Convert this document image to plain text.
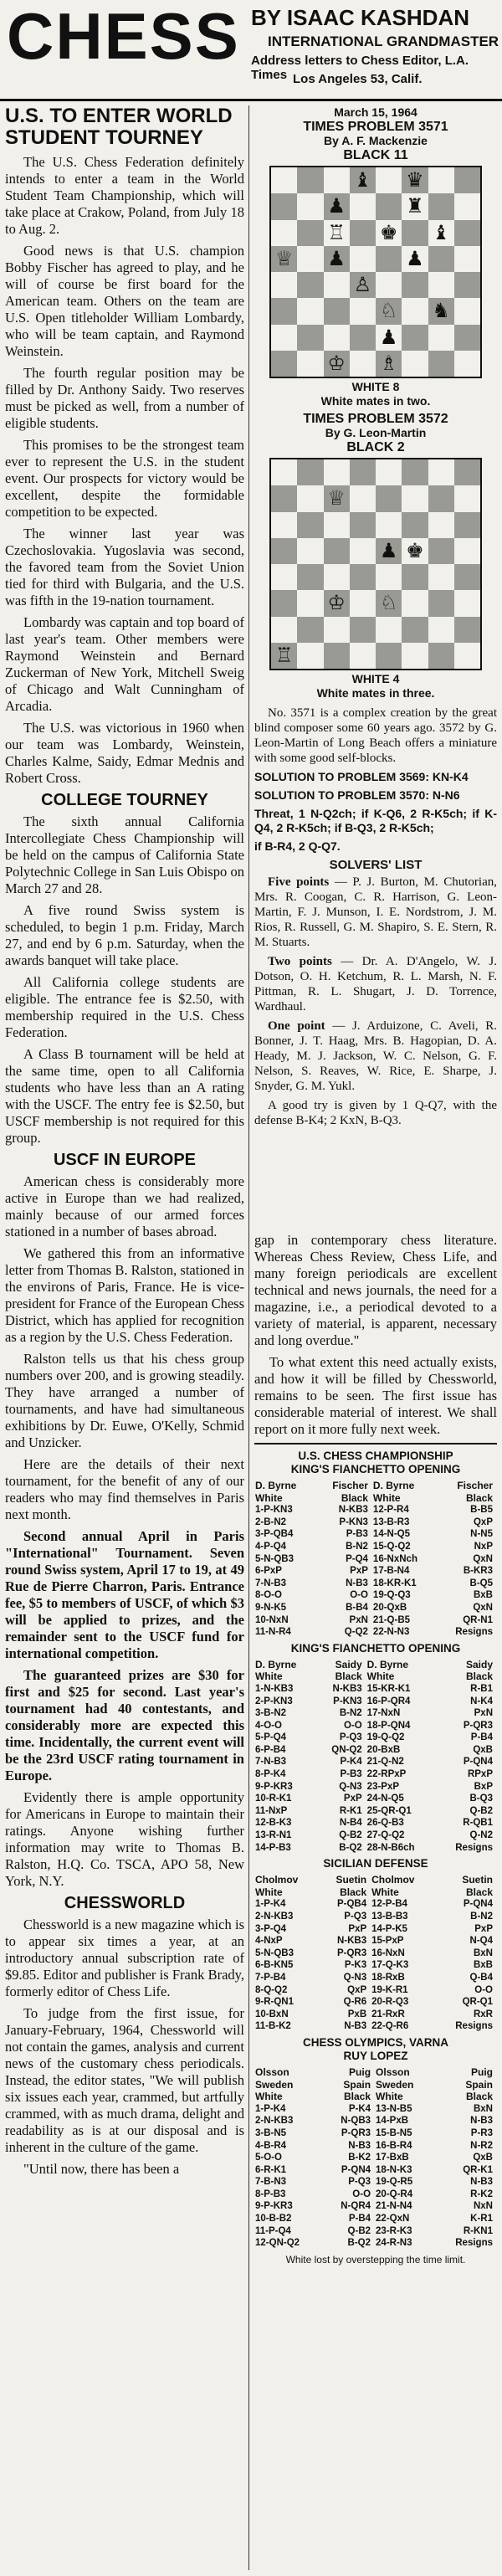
CHESS BY ISAAC KASHDAN
INTERNATIONAL GRANDMASTER
Address letters to Chess Editor, L.A. Times Los Angeles 53, Calif.
U.S. TO ENTER WORLD STUDENT TOURNEY

The U.S. Chess Federation definitely intends to enter a team in the World Student Team Championship, which will take place at Crakow, Poland, from July 18 to Aug. 2.

Good news is that U.S. champion Bobby Fischer has agreed to play, and he will of course be first board for the American team. Others on the team are U.S. Open titleholder William Lombardy, who will be team captain, and Raymond Weinstein.

The fourth regular position may be filled by Dr. Anthony Saidy. Two reserves must be picked as well, from a number of eligible students.

This promises to be the strongest team ever to represent the U.S. in the student event. Our prospects for victory would be excellent, despite the formidable competition to be expected.

The winner last year was Czechoslovakia. Yugoslavia was second, the favored team from the Soviet Union tied for third with Bulgaria, and the U.S. was fifth in the 19-nation tournament.

Lombardy was captain and top board of last year's team. Other members were Raymond Weinstein and Bernard Zuckerman of New York, Mitchell Sweig of Chicago and Walt Cunningham of Arcadia.

The U.S. was victorious in 1960 when our team was Lombardy, Weinstein, Charles Kalme, Saidy, Edmar Mednis and Robert Cross.

COLLEGE TOURNEY

The sixth annual California Intercollegiate Chess Championship will be held on the campus of California State Polytechnic College in San Luis Obispo on March 27 and 28.

A five round Swiss system is scheduled, to begin 1 p.m. Friday, March 27, and end by 6 p.m. Saturday, when the awards banquet will take place.

All California college students are eligible. The entrance fee is $2.50, with membership required in the U.S. Chess Federation.

A Class B tournament will be held at the same time, open to all California students who have less than an A rating with the USCF. The entry fee is $2.50, but USCF membership is not required for this group.

USCF IN EUROPE

American chess is considerably more active in Europe than we had realized, mainly because of our armed forces stationed in a number of bases abroad.

We gathered this from an informative letter from Thomas B. Ralston, stationed in the environs of Paris, France. He is vice-president for France of the European Chess District, which has applied for recognition as a region by the U.S. Chess Federation.

Ralston tells us that his chess group numbers over 200, and is growing steadily. They have arranged a number of tournaments, and have had simultaneous exhibitions by Dr. Euwe, O'Kelly, Schmid and Unzicker.

Here are the details of their next tournament, for the benefit of any of our readers who may find themselves in Paris next month.

Second annual April in Paris "International" Tournament. Seven round Swiss system, April 17 to 19, at 49 Rue de Pierre Charron, Paris. Entrance fee, $5 to members of USCF, of which $3 will be applied to prizes, and the remainder sent to the USCF fund for international competition.

The guaranteed prizes are $30 for first and $25 for second. Last year's tournament had 40 contestants, and considerably more are expected this time. Incidentally, the current event will be the 23rd USCF rating tournament in Europe.

Evidently there is ample opportunity for Americans in Europe to maintain their ratings. Anyone wishing further information may write to Thomas B. Ralston, H.Q. Co. TSCA, APO 58, New York, N.Y.

CHESSWORLD

Chessworld is a new magazine which is to appear six times a year, at an introductory annual subscription rate of $9.85. Editor and publisher is Frank Brady, formerly editor of Chess Life.

To judge from the first issue, for January-February, 1964, Chessworld will not contain the games, analysis and current news of the customary chess periodicals. Instead, the editor states, "We will publish six issues each year, crammed, but artfully crammed, with as much drama, delight and readability as is at our disposal and is inherent in the culture of the game.

"Until now, there has been a

March 15, 1964
TIMES PROBLEM 3571
By A. F. Mackenzie
BLACK 11
♝ ♛
♟	♜
♖ ♚ ♝
♕ ♟	♟
♙
♘ ♞
♟
♔ ♗
WHITE 8
White mates in two.
TIMES PROBLEM 3572
By G. Leon-Martin
BLACK 2
♕
♟ ♚
♔ ♘
♖
WHITE 4
White mates in three.

No. 3571 is a complex creation by the great blind composer some 60 years ago. 3572 by G. Leon-Martin of Long Beach offers a miniature with some good self-blocks.

SOLUTION TO PROBLEM 3569: KN-K4

SOLUTION TO PROBLEM 3570: N-N6

Threat, 1 N-Q2ch; if K-Q6, 2 R-K5ch; if K-Q4, 2 R-K5ch; if B-Q3, 2 R-K5ch;

if B-R4, 2 Q-Q7.

SOLVERS' LIST

Five points — P. J. Burton, M. Chutorian, Mrs. R. Coogan, C. R. Harrison, G. Leon-Martin, F. J. Munson, I. E. Nordstrom, J. M. Rios, R. Russell, G. M. Shapiro, S. E. Stern, R. M. Stuarts.

Two points — Dr. A. D'Angelo, W. J. Dotson, O. H. Ketchum, R. L. Marsh, N. F. Pittman, R. L. Shugart, J. D. Torrence, Wardhaul.

One point — J. Arduizone, C. Aveli, R. Bonner, J. T. Haag, Mrs. B. Hagopian, D. A. Heady, M. J. Jackson, W. C. Nelson, G. F. Nelson, S. Reaves, W. Rice, E. Sharpe, J. Snyder, G. M. Yukl.

A good try is given by 1 Q-Q7, with the defense B-K4; 2 KxN, B-Q3.

gap in contemporary chess literature. Whereas Chess Review, Chess Life, and many foreign periodicals are excellent technical and news journals, the need for a magazine, i.e., a periodical devoted to a variety of material, is apparent, necessary and long overdue."

To what extent this need actually exists, and how it will be filled by Chessworld, remains to be seen. The first issue has considerable material of interest. We shall report on it more fully next week.

U.S. CHESS CHAMPIONSHIP
KING'S FIANCHETTO OPENING
D. Byrne	Fischer	D. Byrne	Fischer
White	Black	White	Black
1-P-KN3	N-KB3	12-P-R4	B-B5
2-B-N2	P-KN3	13-B-R3	QxP
3-P-QB4	P-B3	14-N-Q5	N-N5
4-P-Q4	B-N2	15-Q-Q2	NxP
5-N-QB3	P-Q4	16-NxNch	QxN
6-PxP	PxP	17-B-N4	B-KR3
7-N-B3	N-B3	18-KR-K1	B-Q5
8-O-O	O-O	19-Q-Q3	BxB
9-N-K5	B-B4	20-QxB	QxN
10-NxN	PxN	21-Q-B5	QR-N1
11-N-R4	Q-Q2	22-N-N3	Resigns
KING'S FIANCHETTO OPENING
D. Byrne	Saidy	D. Byrne	Saidy
White	Black	White	Black
1-N-KB3	N-KB3	15-KR-K1	R-B1
2-P-KN3	P-KN3	16-P-QR4	N-K4
3-B-N2	B-N2	17-NxN	PxN
4-O-O	O-O	18-P-QN4	P-QR3
5-P-Q4	P-Q3	19-Q-Q2	P-B4
6-P-B4	QN-Q2	20-BxB	QxB
7-N-B3	P-K4	21-Q-N2	P-QN4
8-P-K4	P-B3	22-RPxP	RPxP
9-P-KR3	Q-N3	23-PxP	BxP
10-R-K1	PxP	24-N-Q5	B-Q3
11-NxP	R-K1	25-QR-Q1	Q-B2
12-B-K3	N-B4	26-Q-B3	R-QB1
13-R-N1	Q-B2	27-Q-Q2	Q-N2
14-P-B3	B-Q2	28-N-B6ch	Resigns
SICILIAN DEFENSE
Cholmov	Suetin	Cholmov	Suetin
White	Black	White	Black
1-P-K4	P-QB4	12-P-B4	P-QN4
2-N-KB3	P-Q3	13-B-B3	B-N2
3-P-Q4	PxP	14-P-K5	PxP
4-NxP	N-KB3	15-PxP	N-Q4
5-N-QB3	P-QR3	16-NxN	BxN
6-B-KN5	P-K3	17-Q-K3	BxB
7-P-B4	Q-N3	18-RxB	Q-B4
8-Q-Q2	QxP	19-K-R1	O-O
9-R-QN1	Q-R6	20-R-Q3	QR-Q1
10-BxN	PxB	21-RxR	RxR
11-B-K2	N-B3	22-Q-R6	Resigns
CHESS OLYMPICS, VARNA
RUY LOPEZ
Olsson	Puig	Olsson	Puig
Sweden	Spain	Sweden	Spain
White	Black	White	Black
1-P-K4	P-K4	13-N-B5	BxN
2-N-KB3	N-QB3	14-PxB	N-B3
3-B-N5	P-QR3	15-B-N5	P-R3
4-B-R4	N-B3	16-B-R4	N-R2
5-O-O	B-K2	17-BxB	QxB
6-R-K1	P-QN4	18-N-K3	QR-K1
7-B-N3	P-Q3	19-Q-R5	N-B3
8-P-B3	O-O	20-Q-R4	R-K2
9-P-KR3	N-QR4	21-N-N4	NxN
10-B-B2	P-B4	22-QxN	K-R1
11-P-Q4	Q-B2	23-R-K3	R-KN1
12-QN-Q2	B-Q2	24-R-N3	Resigns
White lost by overstepping the time limit.
